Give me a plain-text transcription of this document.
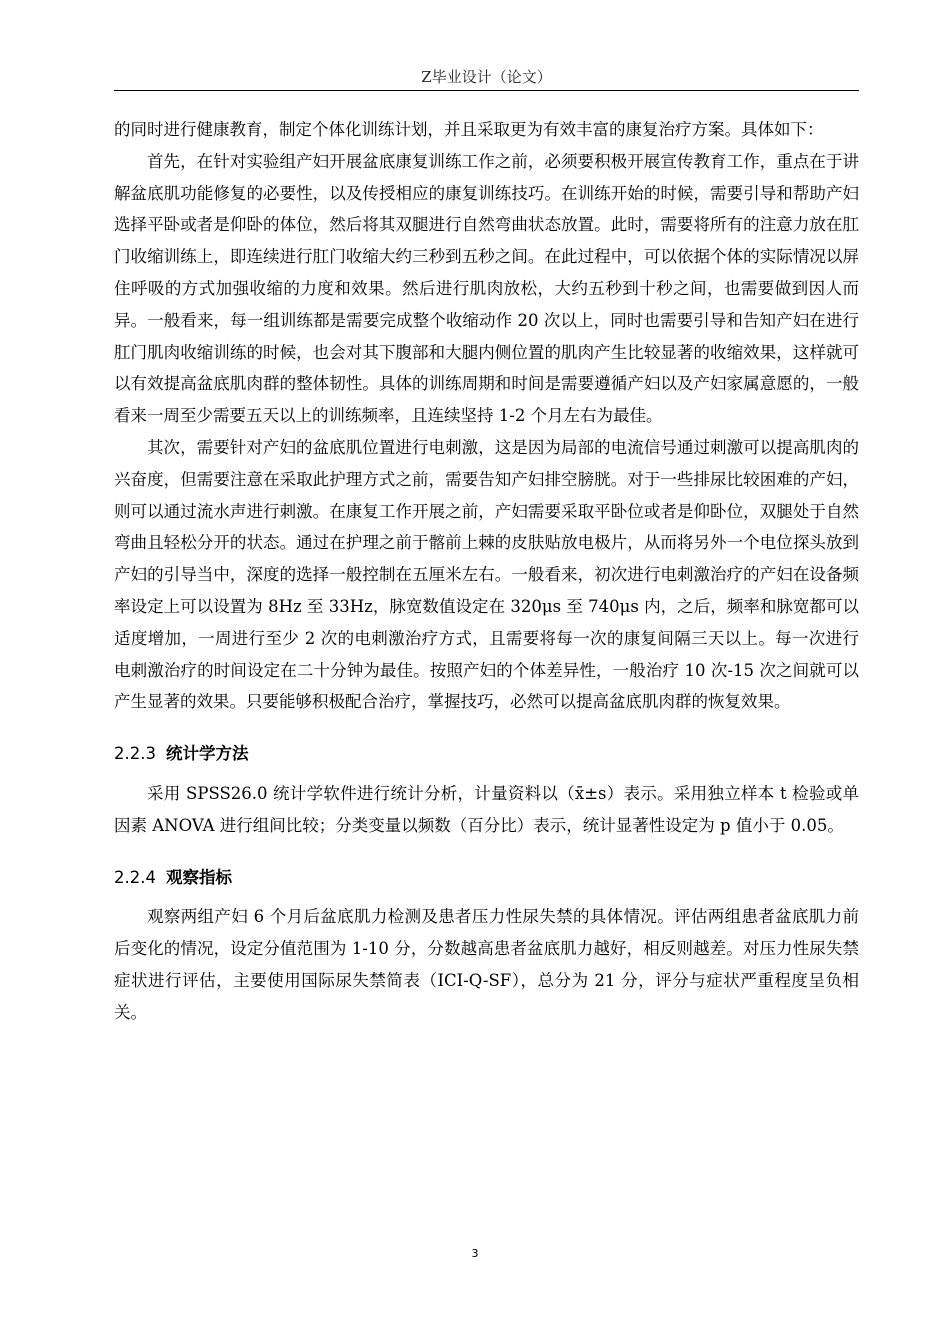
Z毕业设计（论文）

的同时进行健康教育，制定个体化训练计划，并且采取更为有效丰富的康复治疗方案。具体如下：

首先，在针对实验组产妇开展盆底康复训练工作之前，必须要积极开展宣传教育工作，重点在于讲解盆底肌功能修复的必要性，以及传授相应的康复训练技巧。在训练开始的时候，需要引导和帮助产妇选择平卧或者是仰卧的体位，然后将其双腿进行自然弯曲状态放置。此时，需要将所有的注意力放在肛门收缩训练上，即连续进行肛门收缩大约三秒到五秒之间。在此过程中，可以依据个体的实际情况以屏住呼吸的方式加强收缩的力度和效果。然后进行肌肉放松，大约五秒到十秒之间，也需要做到因人而异。一般看来，每一组训练都是需要完成整个收缩动作 20 次以上，同时也需要引导和告知产妇在进行肛门肌肉收缩训练的时候，也会对其下腹部和大腿内侧位置的肌肉产生比较显著的收缩效果，这样就可以有效提高盆底肌肉群的整体韧性。具体的训练周期和时间是需要遵循产妇以及产妇家属意愿的，一般看来一周至少需要五天以上的训练频率，且连续坚持 1-2 个月左右为最佳。

其次，需要针对产妇的盆底肌位置进行电刺激，这是因为局部的电流信号通过刺激可以提高肌肉的兴奋度，但需要注意在采取此护理方式之前，需要告知产妇排空膀胱。对于一些排尿比较困难的产妇，则可以通过流水声进行刺激。在康复工作开展之前，产妇需要采取平卧位或者是仰卧位，双腿处于自然弯曲且轻松分开的状态。通过在护理之前于髂前上棘的皮肤贴放电极片，从而将另外一个电位探头放到产妇的引导当中，深度的选择一般控制在五厘米左右。一般看来，初次进行电刺激治疗的产妇在设备频率设定上可以设置为 8Hz 至 33Hz，脉宽数值设定在 320μs 至 740μs 内，之后，频率和脉宽都可以适度增加，一周进行至少 2 次的电刺激治疗方式，且需要将每一次的康复间隔三天以上。每一次进行电刺激治疗的时间设定在二十分钟为最佳。按照产妇的个体差异性，一般治疗 10 次-15 次之间就可以产生显著的效果。只要能够积极配合治疗，掌握技巧，必然可以提高盆底肌肉群的恢复效果。

2.2.3 统计学方法

采用 SPSS26.0 统计学软件进行统计分析，计量资料以（x̄±s）表示。采用独立样本 t 检验或单因素 ANOVA 进行组间比较；分类变量以频数（百分比）表示，统计显著性设定为 p 值小于 0.05。

2.2.4 观察指标

观察两组产妇 6 个月后盆底肌力检测及患者压力性尿失禁的具体情况。评估两组患者盆底肌力前后变化的情况，设定分值范围为 1-10 分，分数越高患者盆底肌力越好，相反则越差。对压力性尿失禁症状进行评估，主要使用国际尿失禁简表（ICI-Q-SF），总分为 21 分，评分与症状严重程度呈负相关。

3
